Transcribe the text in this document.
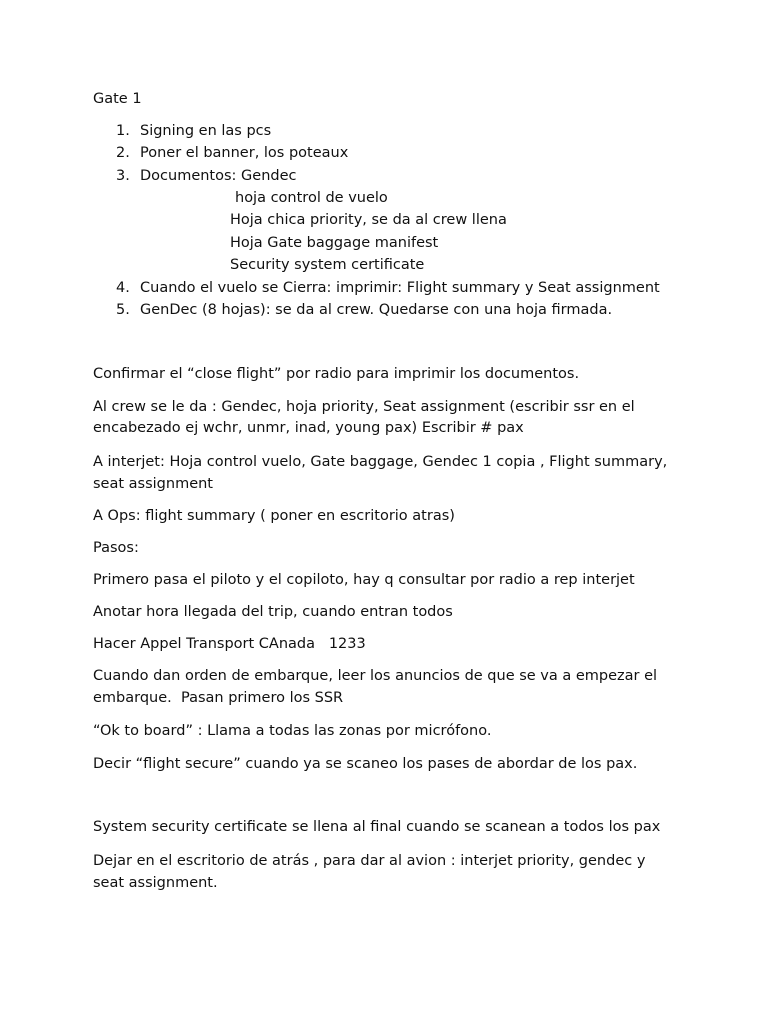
Gate 1
1. Signing en las pcs
2. Poner el banner, los poteaux
3. Documentos: Gendec
hoja control de vuelo
Hoja chica priority, se da al crew llena
Hoja Gate baggage manifest
Security system certificate
4. Cuando el vuelo se Cierra: imprimir: Flight summary y Seat assignment
5. GenDec (8 hojas): se da al crew. Quedarse con una hoja firmada.
Confirmar el “close flight” por radio para imprimir los documentos.
Al crew se le da : Gendec, hoja priority, Seat assignment (escribir ssr en el
encabezado ej wchr, unmr, inad, young pax) Escribir # pax
A interjet: Hoja control vuelo, Gate baggage, Gendec 1 copia , Flight summary,
seat assignment
A Ops: flight summary ( poner en escritorio atras)
Pasos:
Primero pasa el piloto y el copiloto, hay q consultar por radio a rep interjet
Anotar hora llegada del trip, cuando entran todos
Hacer Appel Transport CAnada   1233
Cuando dan orden de embarque, leer los anuncios de que se va a empezar el
embarque.  Pasan primero los SSR
“Ok to board” : Llama a todas las zonas por micrófono.
Decir “flight secure” cuando ya se scaneo los pases de abordar de los pax.
System security certificate se llena al final cuando se scanean a todos los pax
Dejar en el escritorio de atrás , para dar al avion : interjet priority, gendec y
seat assignment.
